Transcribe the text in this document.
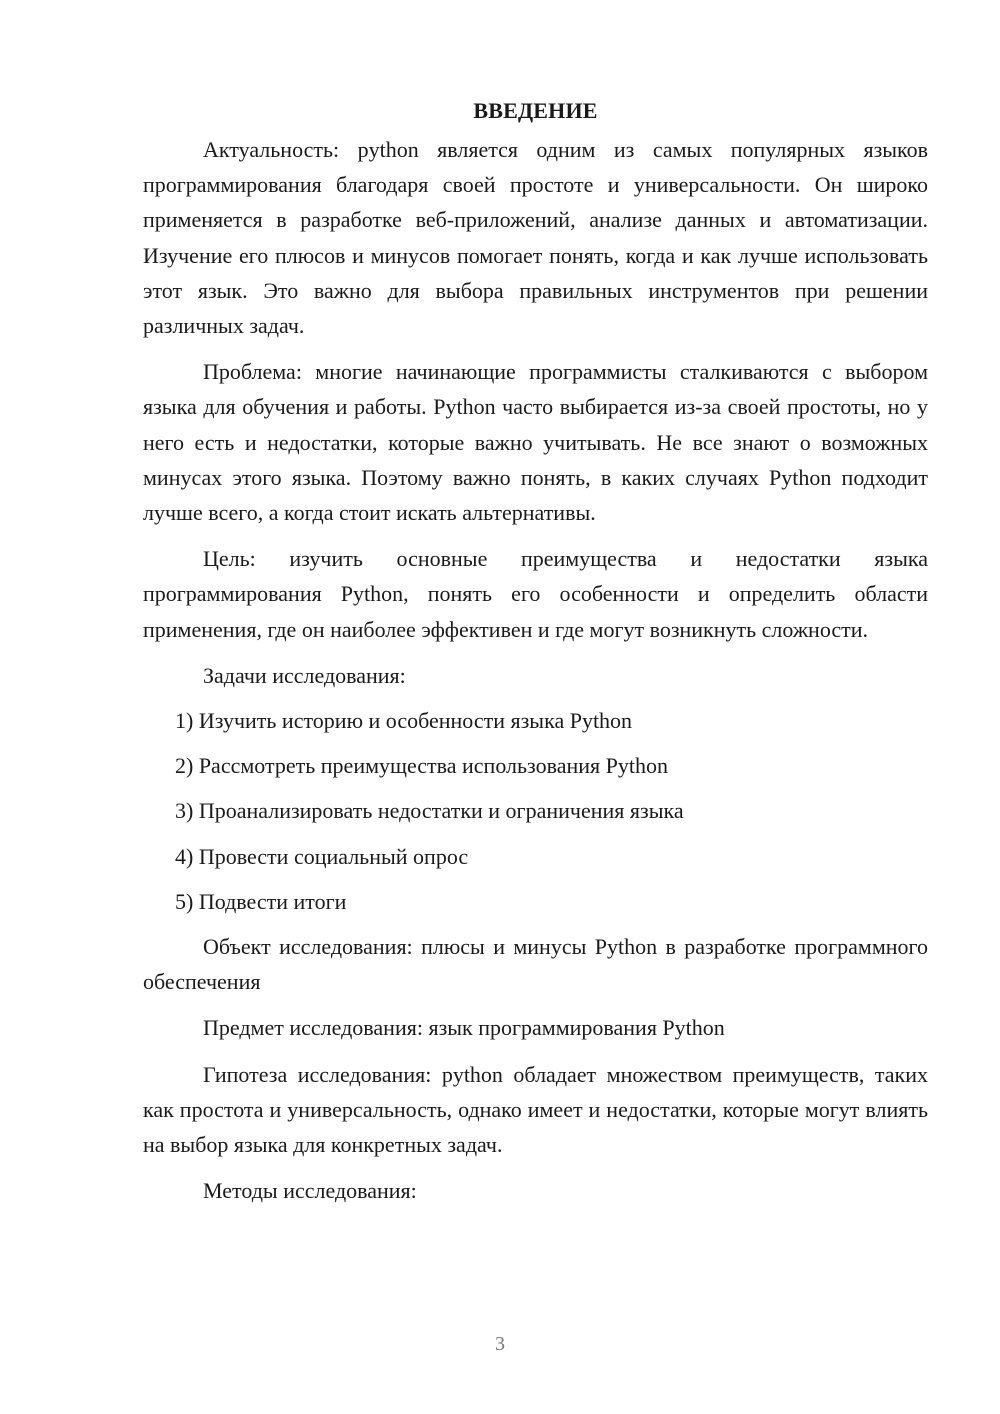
ВВЕДЕНИЕ

Актуальность: python является одним из самых популярных языков программирования благодаря своей простоте и универсальности. Он широко применяется в разработке веб-приложений, анализе данных и автоматизации. Изучение его плюсов и минусов помогает понять, когда и как лучше использовать этот язык. Это важно для выбора правильных инструментов при решении различных задач.

Проблема: многие начинающие программисты сталкиваются с выбором языка для обучения и работы. Python часто выбирается из-за своей простоты, но у него есть и недостатки, которые важно учитывать. Не все знают о возможных минусах этого языка. Поэтому важно понять, в каких случаях Python подходит лучше всего, а когда стоит искать альтернативы.

Цель: изучить основные преимущества и недостатки языка программирования Python, понять его особенности и определить области применения, где он наиболее эффективен и где могут возникнуть сложности.

Задачи исследования:

1) Изучить историю и особенности языка Python
2) Рассмотреть преимущества использования Python
3) Проанализировать недостатки и ограничения языка
4) Провести социальный опрос
5) Подвести итоги

Объект исследования: плюсы и минусы Python в разработке программного обеспечения

Предмет исследования: язык программирования Python

Гипотеза исследования: python обладает множеством преимуществ, таких как простота и универсальность, однако имеет и недостатки, которые могут влиять на выбор языка для конкретных задач.

Методы исследования:

3
